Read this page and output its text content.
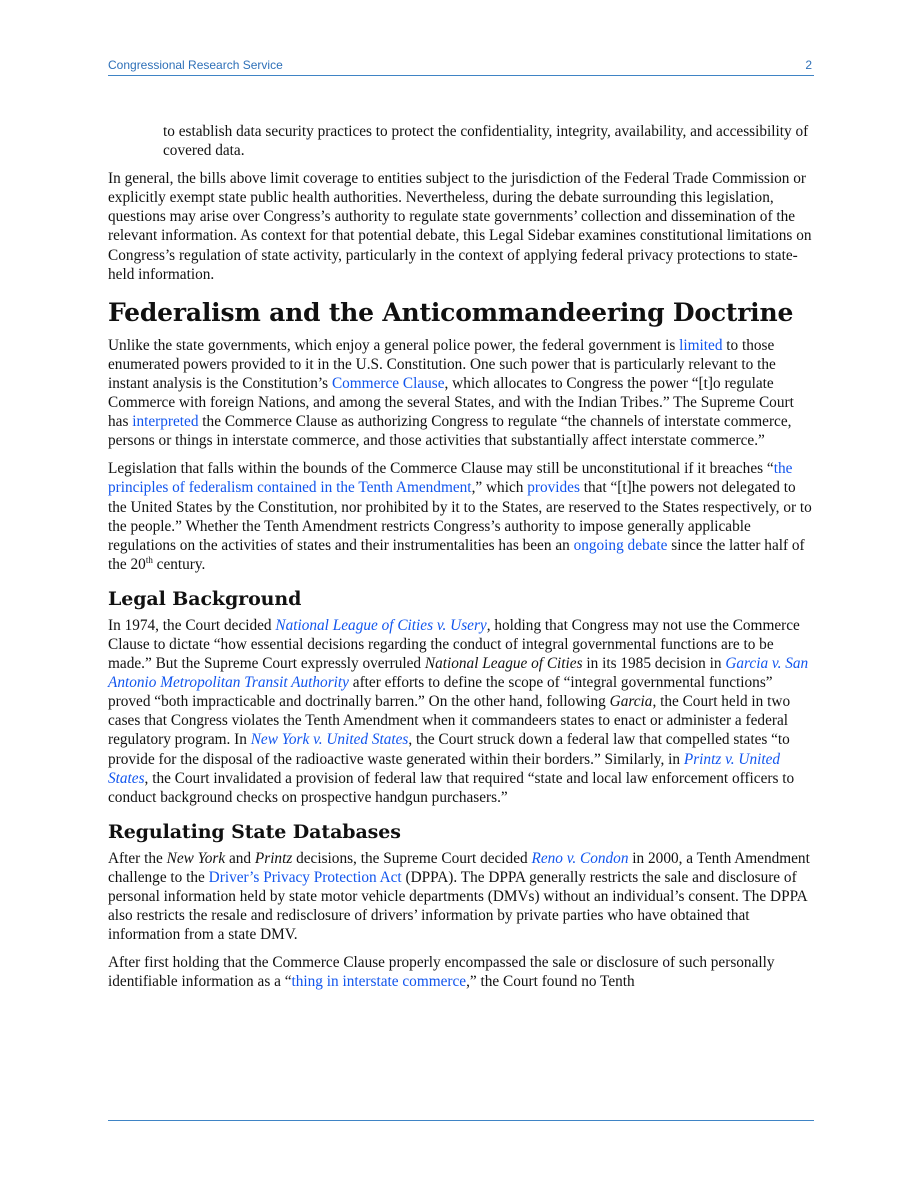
Congressional Research Service	2

to establish data security practices to protect the confidentiality, integrity, availability, and accessibility of covered data.

In general, the bills above limit coverage to entities subject to the jurisdiction of the Federal Trade Commission or explicitly exempt state public health authorities. Nevertheless, during the debate surrounding this legislation, questions may arise over Congress’s authority to regulate state governments’ collection and dissemination of the relevant information. As context for that potential debate, this Legal Sidebar examines constitutional limitations on Congress’s regulation of state activity, particularly in the context of applying federal privacy protections to state-held information.

Federalism and the Anticommandeering Doctrine

Unlike the state governments, which enjoy a general police power, the federal government is limited to those enumerated powers provided to it in the U.S. Constitution. One such power that is particularly relevant to the instant analysis is the Constitution’s Commerce Clause, which allocates to Congress the power “[t]o regulate Commerce with foreign Nations, and among the several States, and with the Indian Tribes.” The Supreme Court has interpreted the Commerce Clause as authorizing Congress to regulate “the channels of interstate commerce, persons or things in interstate commerce, and those activities that substantially affect interstate commerce.”

Legislation that falls within the bounds of the Commerce Clause may still be unconstitutional if it breaches “the principles of federalism contained in the Tenth Amendment,” which provides that “[t]he powers not delegated to the United States by the Constitution, nor prohibited by it to the States, are reserved to the States respectively, or to the people.” Whether the Tenth Amendment restricts Congress’s authority to impose generally applicable regulations on the activities of states and their instrumentalities has been an ongoing debate since the latter half of the 20th century.

Legal Background

In 1974, the Court decided National League of Cities v. Usery, holding that Congress may not use the Commerce Clause to dictate “how essential decisions regarding the conduct of integral governmental functions are to be made.” But the Supreme Court expressly overruled National League of Cities in its 1985 decision in Garcia v. San Antonio Metropolitan Transit Authority after efforts to define the scope of “integral governmental functions” proved “both impracticable and doctrinally barren.” On the other hand, following Garcia, the Court held in two cases that Congress violates the Tenth Amendment when it commandeers states to enact or administer a federal regulatory program. In New York v. United States, the Court struck down a federal law that compelled states “to provide for the disposal of the radioactive waste generated within their borders.” Similarly, in Printz v. United States, the Court invalidated a provision of federal law that required “state and local law enforcement officers to conduct background checks on prospective handgun purchasers.”

Regulating State Databases

After the New York and Printz decisions, the Supreme Court decided Reno v. Condon in 2000, a Tenth Amendment challenge to the Driver’s Privacy Protection Act (DPPA). The DPPA generally restricts the sale and disclosure of personal information held by state motor vehicle departments (DMVs) without an individual’s consent. The DPPA also restricts the resale and redisclosure of drivers’ information by private parties who have obtained that information from a state DMV.

After first holding that the Commerce Clause properly encompassed the sale or disclosure of such personally identifiable information as a “thing in interstate commerce,” the Court found no Tenth
